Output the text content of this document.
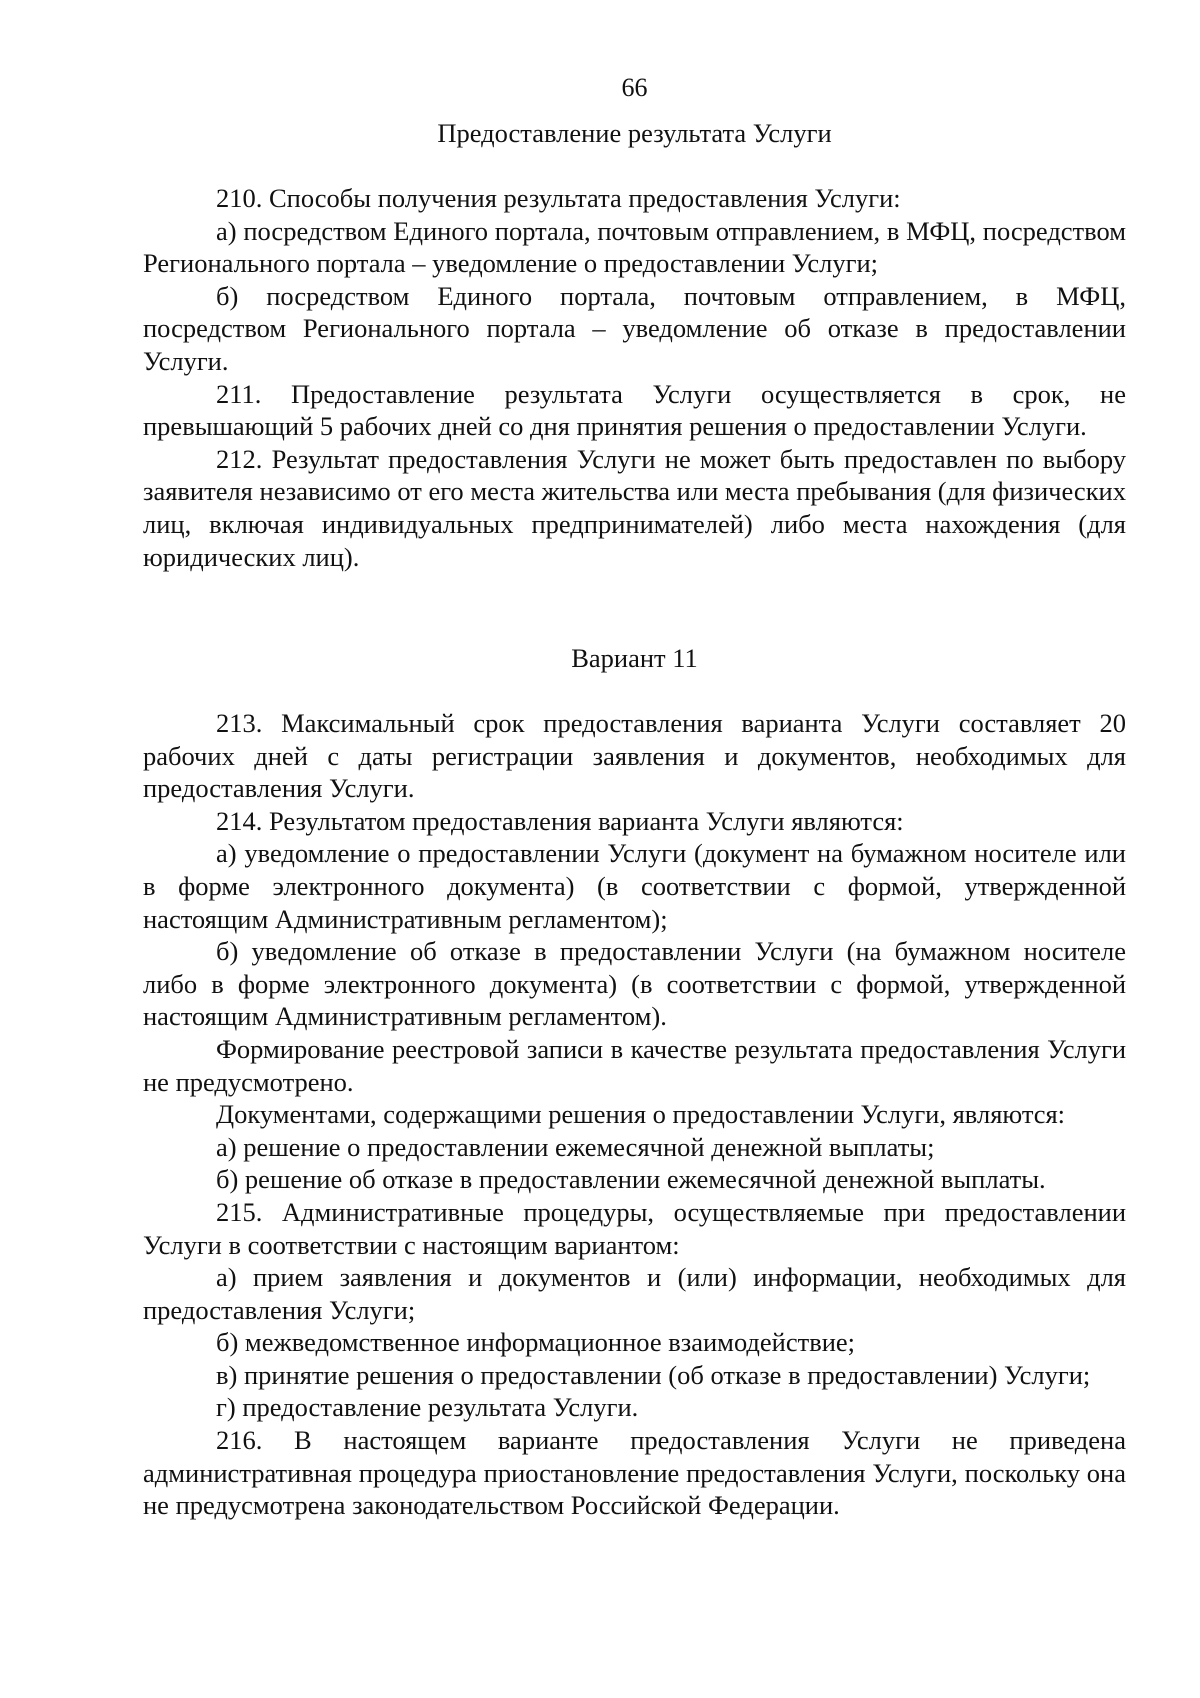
66
Предоставление результата Услуги

210. Способы получения результата предоставления Услуги:

а) посредством Единого портала, почтовым отправлением, в МФЦ, посредством Регионального портала – уведомление о предоставлении Услуги;

б) посредством Единого портала, почтовым отправлением, в МФЦ, посредством Регионального портала – уведомление об отказе в предоставлении Услуги.

211. Предоставление результата Услуги осуществляется в срок, не превышающий 5 рабочих дней со дня принятия решения о предоставлении Услуги.

212. Результат предоставления Услуги не может быть предоставлен по выбору заявителя независимо от его места жительства или места пребывания (для физических лиц, включая индивидуальных предпринимателей) либо места нахождения (для юридических лиц).

Вариант 11

213. Максимальный срок предоставления варианта Услуги составляет 20 рабочих дней с даты регистрации заявления и документов, необходимых для предоставления Услуги.

214. Результатом предоставления варианта Услуги являются:

а) уведомление о предоставлении Услуги (документ на бумажном носителе или в форме электронного документа) (в соответствии с формой, утвержденной настоящим Административным регламентом);

б) уведомление об отказе в предоставлении Услуги (на бумажном носителе либо в форме электронного документа) (в соответствии с формой, утвержденной настоящим Административным регламентом).

Формирование реестровой записи в качестве результата предоставления Услуги не предусмотрено.

Документами, содержащими решения о предоставлении Услуги, являются:

а) решение о предоставлении ежемесячной денежной выплаты;

б) решение об отказе в предоставлении ежемесячной денежной выплаты.

215. Административные процедуры, осуществляемые при предоставлении Услуги в соответствии с настоящим вариантом:

а) прием заявления и документов и (или) информации, необходимых для предоставления Услуги;

б) межведомственное информационное взаимодействие;

в) принятие решения о предоставлении (об отказе в предоставлении) Услуги;

г) предоставление результата Услуги.

216. В настоящем варианте предоставления Услуги не приведена административная процедура приостановление предоставления Услуги, поскольку она не предусмотрена законодательством Российской Федерации.
